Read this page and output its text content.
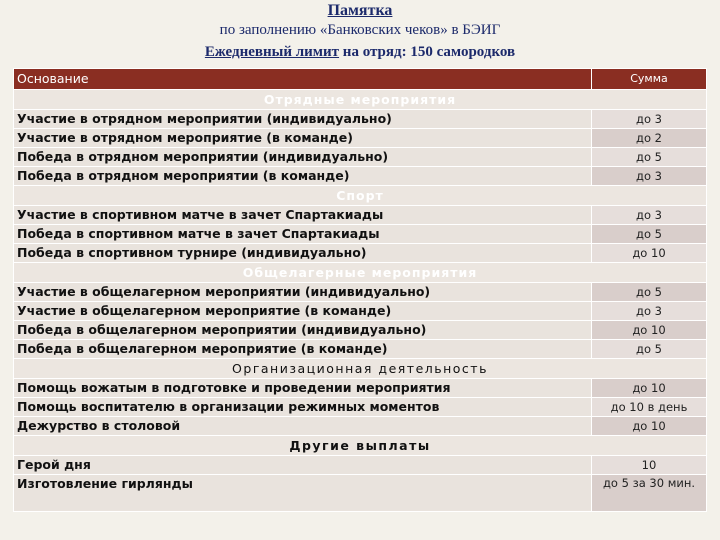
Памятка
по заполнению «Банковских чеков» в БЭИГ
Ежедневный лимит на отряд: 150 самородков
Основание	Сумма
Отрядные мероприятия	
Участие в отрядном мероприятии (индивидуально)	до 3
Участие в отрядном мероприятие (в команде)	до 2
Победа в отрядном мероприятии (индивидуально)	до 5
Победа в отрядном мероприятии (в команде)	до 3
Спорт	
Участие в спортивном матче в зачет Спартакиады	до 3
Победа в спортивном матче в зачет Спартакиады	до 5
Победа в спортивном турнире (индивидуально)	до 10
Общелагерные мероприятия	
Участие в общелагерном мероприятии (индивидуально)	до 5
Участие в общелагерном мероприятие (в команде)	до 3
Победа в общелагерном мероприятии (индивидуально)	до 10
Победа в общелагерном мероприятие (в команде)	до 5
Организационная деятельность	
Помощь вожатым в подготовке и проведении мероприятия	до 10
Помощь воспитателю в организации режимных моментов	до 10 в день
Дежурство в столовой	до 10
Другие выплаты	
Герой дня	10
Изготовление гирлянды	до 5 за 30 мин.
